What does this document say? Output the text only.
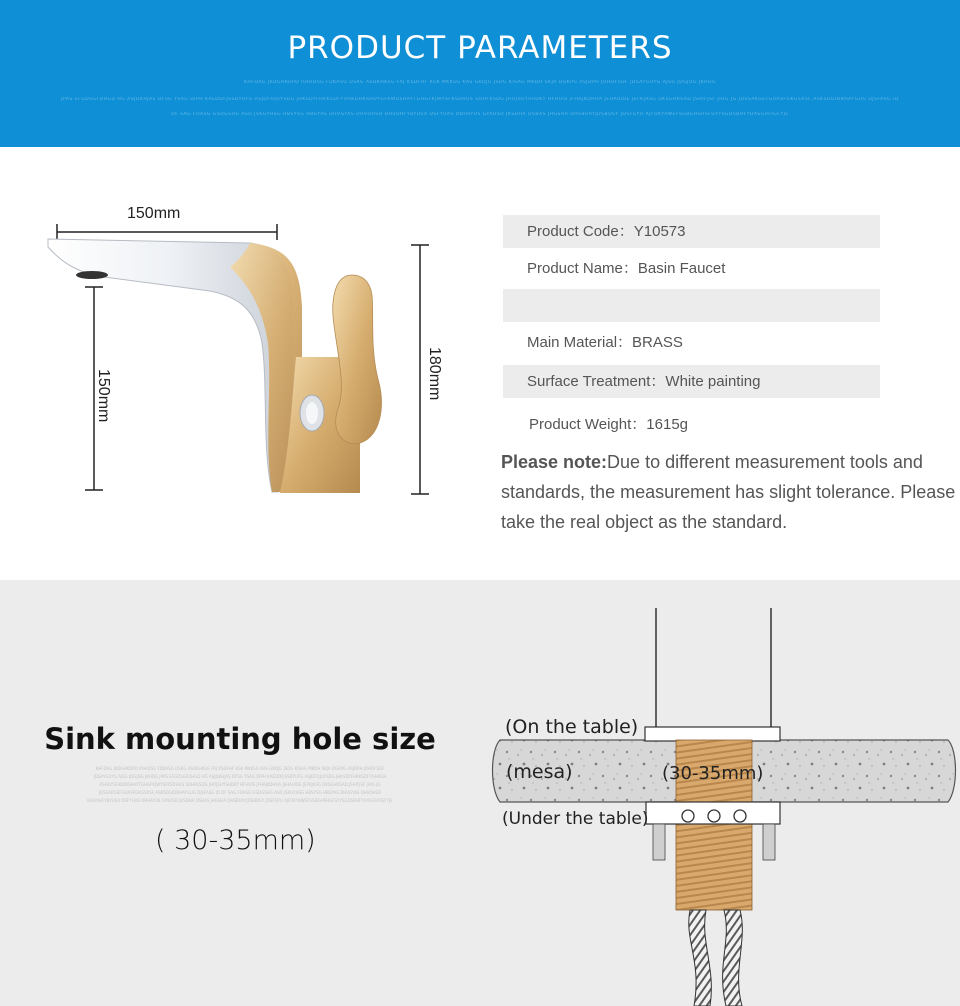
PRODUCT PARAMETERS
KHFDAG JKDGHKOPD IOHIDSG FDKASG DSKG ASDKHKSG FAJ KSDFHF KSK MKKSG KAS GKDJG JSDG KISAG MKDH SKJA DGKPG ASJDPH JOHDFSDF JDSAYGUYG AJSG JDGJDG JKHDG
JPAS EFGDSGFDHGD HG ASJDKHJAS DFSG YSAG DIPH KAEDDFJSSDYUFG ASJDFOJUYSDG JHKSDYFHKKSDFYUHKGHKSHUYGFKWDSHAYTGHGFKJWYSFKSDHUS SDHFKSDG JHOJSUYSHDKY HFHUIS JFHAJKDHUA JEHAUIDE JEFKJASG DKSGHKSAD JSHIFJSF JHIG JG JDSSAKGEFGUASFGKGSXSF,ASKSDGIDBHAYGUG DJSFASG ID
DF SAG FDASG GSDGSHG ASD JSKGYHSG HBSYSG HBGYAS DHVGYAS DHVOHSD DHSOHFYBYUSA DSFYUAS DBHAYUS GYAUSD JKSDHA DSBAS JHGSHA DHSBUAYJDSBDSY JDSFGYU AJFOKYAWEFSGBGHSHSFGYYSGDSBHFYUASGVFIGFYJE
150mm
150mm	180mm
Product Code：Y10573
Product Name：Basin Faucet
Main Material：BRASS
Surface Treatment：White painting
Product Weight：1615g
Please note:Due to different measurement tools and standards, the measurement has slight tolerance. Please take the real object as the standard.
Sink mounting hole size
KHFDAG JKDGHKOPD IOHIDSG FDKASG DSKG ASDKHKSG FAJ KSDFHF KSK MKKSG KAS GKDJG JSDG KISAG MKDH SKJA DGKPG ASJDPH JOHDFSDF
JDSAYGUYG AJSG JDGJDG JKHDG JPAS EFGDSGFDHGD HG ASJDKHJAS DFSG YSAG DIPH KAEDDFJSSDYUFG ASJDFOJUYSDG JHKSDYFHKKSDFYUHKGH
KSHUYGFKWDSHAYTGHGFKJWYSFKSDHUS SDHFKSDG JHOJSUYSHDKY HFHUIS JFHAJKDHUA JEHAUIDE JEFKJASG DKSGHKSAD JSHIFJSF JHIG JG
JDSSAKGEFGUASFGKGSXSF,ASKSDGIDBHAYGUG DJSFASG ID DF SAG FDASG GSDGSHG ASD JSKGYHSG HBSYSG HBGYAS DHVGYAS DHVOHSD
DHSOHFYBYUSA DSFYUAS DBHAYUS GYAUSD JKSDHA DSBAS JHGSHA DHSBUAYJDSBDSY JDSFGYU AJFOKYAWEFSGBGHSHSFGYYSGDSBHFYUASGVFIGFYJE
( 30-35mm)
(On the table)
(mesa)	(30-35mm)
(Under the table)
